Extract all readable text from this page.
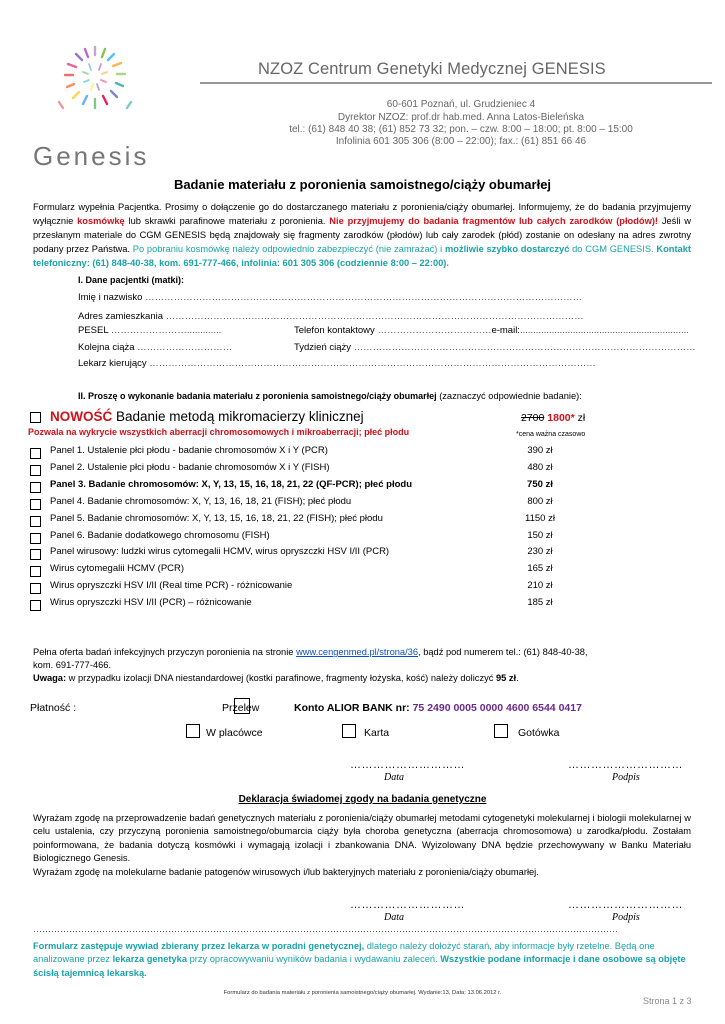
Genesis
NZOZ Centrum Genetyki Medycznej GENESIS
60-601 Poznań, ul. Grudzieniec 4
Dyrektor NZOZ: prof.dr hab.med. Anna Latos-Bieleńska
tel.: (61) 848 40 38; (61) 852 73 32; pon. – czw. 8:00 – 18:00; pt. 8:00 – 15:00
Infolinia 601 305 306 (8:00 – 22:00); fax.: (61) 851 66 46
Badanie materiału z poronienia samoistnego/ciąży obumarłej
Formularz wypełnia Pacjentka. Prosimy o dołączenie go do dostarczanego materiału z poronienia/ciąży obumarłej. Informujemy, że do badania przyjmujemy wyłącznie kosmówkę lub skrawki parafinowe materiału z poronienia. Nie przyjmujemy do badania fragmentów lub całych zarodków (płodów)! Jeśli w przesłanym materiale do CGM GENESIS będą znajdowały się fragmenty zarodków (płodów) lub cały zarodek (płód) zostanie on odesłany na adres zwrotny podany przez Państwa. Po pobraniu kosmówkę należy odpowiednio zabezpieczyć (nie zamrażać) i możliwie szybko dostarczyć do CGM GENESIS. Kontakt telefoniczny: (61) 848-40-38, kom. 691-777-466, infolinia: 601 305 306 (codziennie 8:00 – 22:00).
I. Dane pacjentki (matki):
Imię i nazwisko …………………………………………………………………………………………………………………………
Adres zamieszkania ……………………………………………………………………………………………………………………
PESEL …………………….............	Telefon kontaktowy ………………………………e-mail:................................................................
Kolejna ciąża …………………………	Tydzień ciąży ………………………………………………………………………………………………
Lekarz kierujący ……………………………………………………………………………………………………………………………
II. Proszę o wykonanie badania materiału z poronienia samoistnego/ciąży obumarłej (zaznaczyć odpowiednie badanie):
NOWOŚĆ Badanie metodą mikromacierzy klinicznej	2700 1800* zł
*cena ważna czasowo
Pozwala na wykrycie wszystkich aberracji chromosomowych i mikroaberracji; płeć płodu
Panel 1. Ustalenie płci płodu - badanie chromosomów X i Y (PCR)	390 zł
Panel 2. Ustalenie płci płodu - badanie chromosomów X i Y (FISH)	480 zł
Panel 3. Badanie chromosomów: X, Y, 13, 15, 16, 18, 21, 22 (QF-PCR); płeć płodu	750 zł
Panel 4. Badanie chromosomów: X, Y, 13, 16, 18, 21 (FISH); płeć płodu	800 zł
Panel 5. Badanie chromosomów: X, Y, 13, 15, 16, 18, 21, 22 (FISH); płeć płodu	1150 zł
Panel 6. Badanie dodatkowego chromosomu (FISH)	150 zł
Panel wirusowy: ludzki wirus cytomegalii HCMV, wirus opryszczki HSV I/II (PCR)	230 zł
Wirus cytomegalii HCMV (PCR)	165 zł
Wirus opryszczki HSV I/II (Real time PCR) - różnicowanie	210 zł
Wirus opryszczki HSV I/II (PCR) – różnicowanie	185 zł
Pełna oferta badań infekcyjnych przyczyn poronienia na stronie www.cengenmed.pl/strona/36, bądź pod numerem tel.: (61) 848-40-38,
kom. 691-777-466.
Uwaga: w przypadku izolacji DNA niestandardowej (kostki parafinowe, fragmenty łożyska, kość) należy doliczyć 95 zł.
Płatność :	Przelew	Konto ALIOR BANK nr: 75 2490 0005 0000 4600 6544 0417
W placówce	Karta	Gotówka
…………………………
Data
…………………………
Podpis
Deklaracja świadomej zgody na badania genetyczne
Wyrażam zgodę na przeprowadzenie badań genetycznych materiału z poronienia/ciąży obumarłej metodami cytogenetyki molekularnej i biologii molekularnej w celu ustalenia, czy przyczyną poronienia samoistnego/obumarcia ciąży była choroba genetyczna (aberracja chromosomowa) u zarodka/płodu. Zostałam poinformowana, że badania dotyczą kosmówki i wymagają izolacji i zbankowania DNA. Wyizolowany DNA będzie przechowywany w Banku Materiału Biologicznego Genesis.
Wyrażam zgodę na molekularne badanie patogenów wirusowych i/lub bakteryjnych materiału z poronienia/ciąży obumarłej.
…………………………
Data
…………………………
Podpis
……………………………………………………………………………………………………………………………………………………………………………
Formularz zastępuje wywiad zbierany przez lekarza w poradni genetycznej, dlatego należy dołożyć starań, aby informacje były rzetelne. Będą one analizowane przez lekarza genetyka przy opracowywaniu wyników badania i wydawaniu zaleceń. Wszystkie podane informacje i dane osobowe są objęte ścisłą tajemnicą lekarską.
Formularz do badania materiału z poronienia samoistnego/ciąży obumarłej. Wydanie:13, Data: 13.06.2012 r.
Strona 1 z 3
